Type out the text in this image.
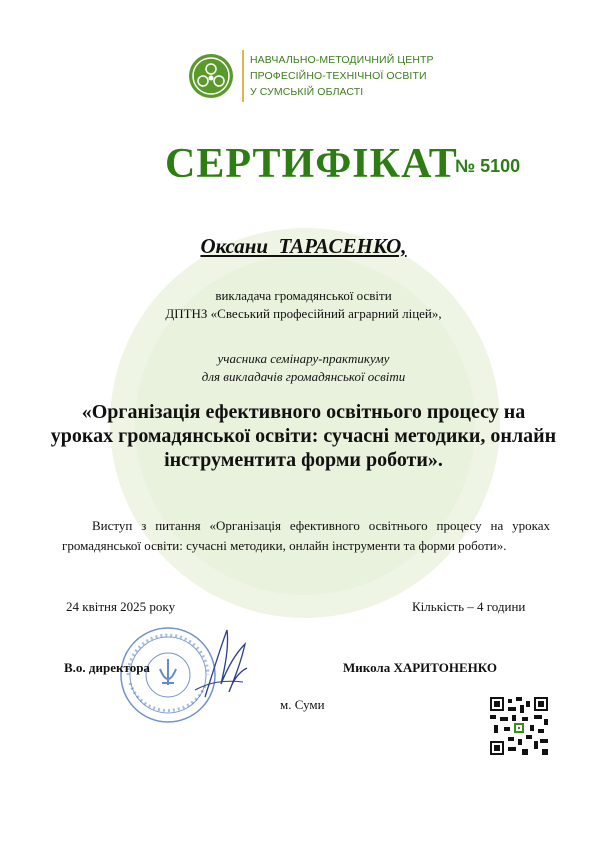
НАВЧАЛЬНО-МЕТОДИЧНИЙ ЦЕНТР
ПРОФЕСІЙНО-ТЕХНІЧНОЇ ОСВІТИ
У СУМСЬКІЙ ОБЛАСТІ
СЕРТИФІКАТ
№ 5100
Оксани  ТАРАСЕНКО,
викладача громадянської освіти
ДПТНЗ «Свеський професійний аграрний ліцей»,
учасника семінару-практикуму
для викладачів громадянської освіти
«Організація ефективного освітнього процесу на уроках громадянської освіти: сучасні методики, онлайн інструментита форми роботи».
Виступ з питання «Організація ефективного освітнього процесу на уроках громадянської освіти: сучасні методики, онлайн інструменти та форми роботи».
24 квітня 2025 року	Кількість – 4 години
В.о. директора	Микола ХАРИТОНЕНКО
м. Суми
